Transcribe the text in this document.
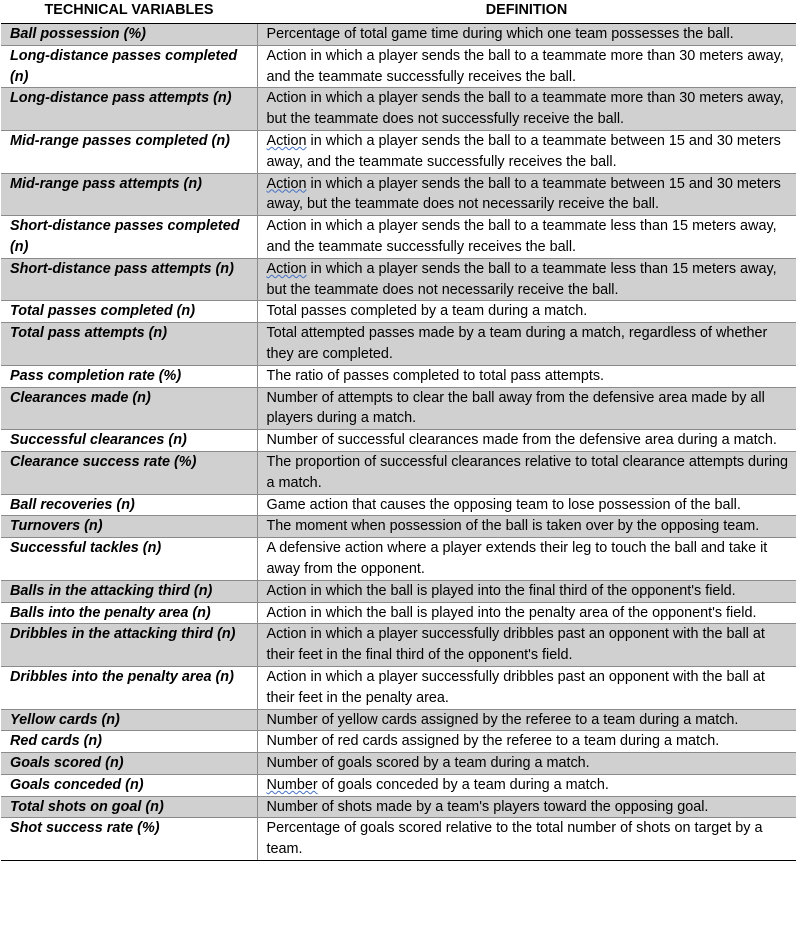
TECHNICAL VARIABLES	DEFINITION
Ball possession (%)	Percentage of total game time during which one team possesses the ball.
Long-distance passes completed (n)	Action in which a player sends the ball to a teammate more than 30 meters away, and the teammate successfully receives the ball.
Long-distance pass attempts (n)	Action in which a player sends the ball to a teammate more than 30 meters away, but the teammate does not successfully receive the ball.
Mid-range passes completed (n)	Action in which a player sends the ball to a teammate between 15 and 30 meters away, and the teammate successfully receives the ball.
Mid-range pass attempts (n)	Action in which a player sends the ball to a teammate between 15 and 30 meters away, but the teammate does not necessarily receive the ball.
Short-distance passes completed (n)	Action in which a player sends the ball to a teammate less than 15 meters away, and the teammate successfully receives the ball.
Short-distance pass attempts (n)	Action in which a player sends the ball to a teammate less than 15 meters away, but the teammate does not necessarily receive the ball.
Total passes completed (n)	Total passes completed by a team during a match.
Total pass attempts (n)	Total attempted passes made by a team during a match, regardless of whether they are completed.
Pass completion rate (%)	The ratio of passes completed to total pass attempts.
Clearances made (n)	Number of attempts to clear the ball away from the defensive area made by all players during a match.
Successful clearances (n)	Number of successful clearances made from the defensive area during a match.
Clearance success rate (%)	The proportion of successful clearances relative to total clearance attempts during a match.
Ball recoveries (n)	Game action that causes the opposing team to lose possession of the ball.
Turnovers (n)	The moment when possession of the ball is taken over by the opposing team.
Successful tackles (n)	A defensive action where a player extends their leg to touch the ball and take it away from the opponent.
Balls in the attacking third (n)	Action in which the ball is played into the final third of the opponent's field.
Balls into the penalty area (n)	Action in which the ball is played into the penalty area of the opponent's field.
Dribbles in the attacking third (n)	Action in which a player successfully dribbles past an opponent with the ball at their feet in the final third of the opponent's field.
Dribbles into the penalty area (n)	Action in which a player successfully dribbles past an opponent with the ball at their feet in the penalty area.
Yellow cards (n)	Number of yellow cards assigned by the referee to a team during a match.
Red cards (n)	Number of red cards assigned by the referee to a team during a match.
Goals scored (n)	Number of goals scored by a team during a match.
Goals conceded (n)	Number of goals conceded by a team during a match.
Total shots on goal (n)	Number of shots made by a team's players toward the opposing goal.
Shot success rate (%)	Percentage of goals scored relative to the total number of shots on target by a team.
